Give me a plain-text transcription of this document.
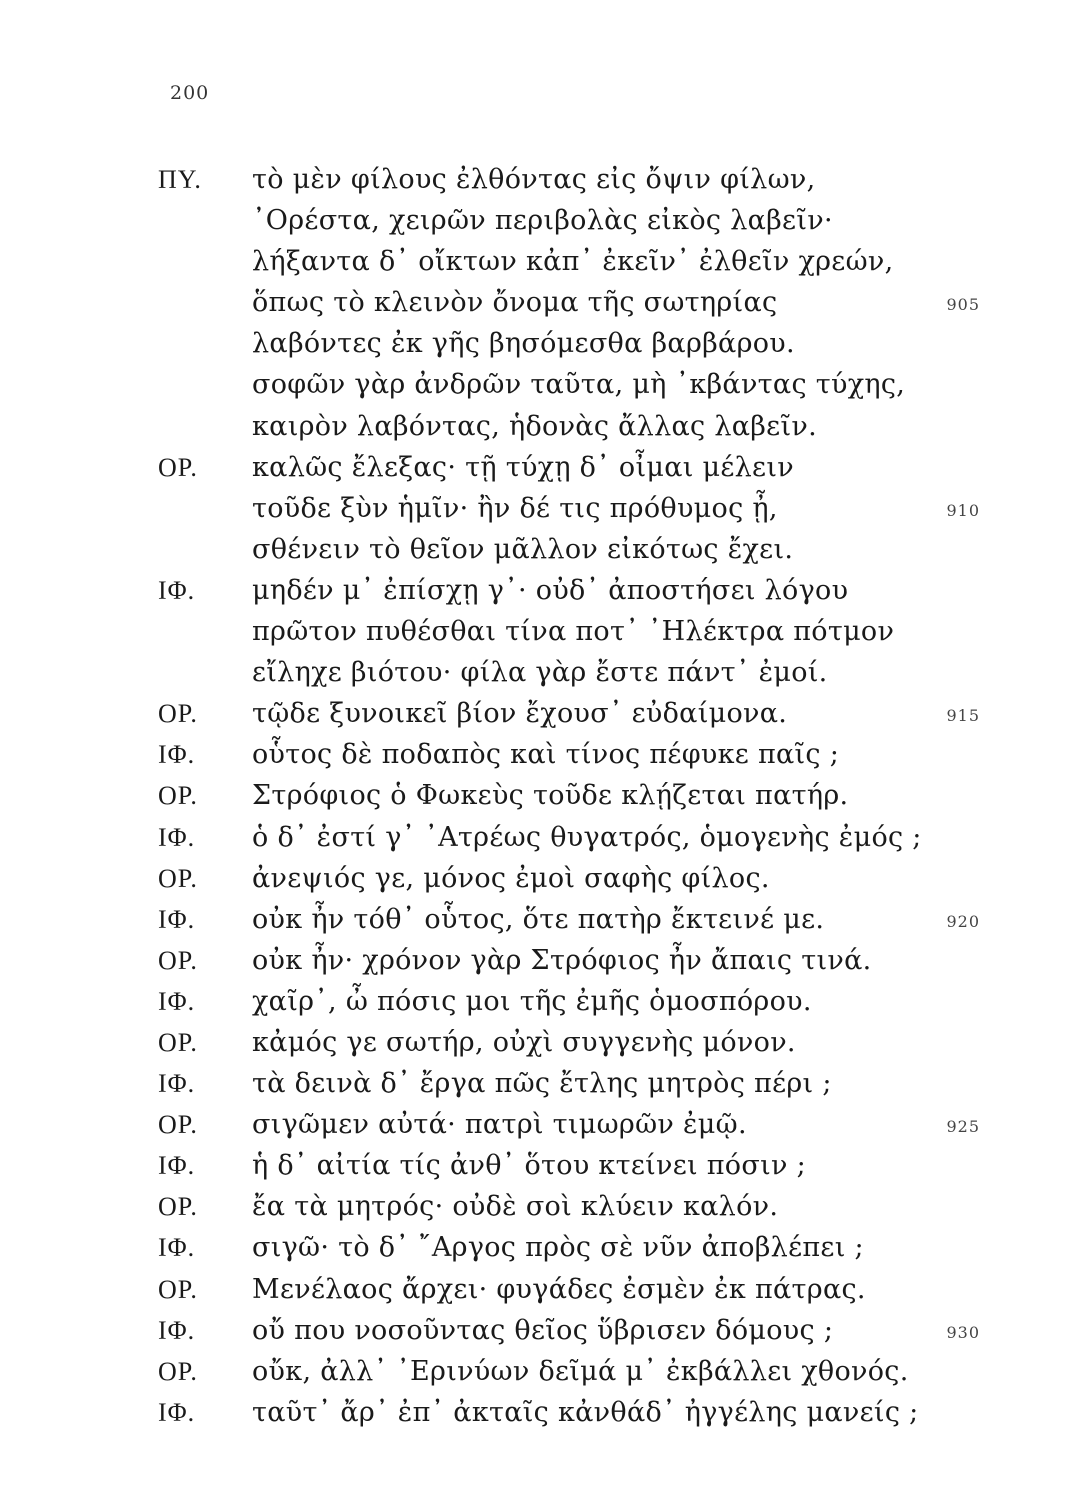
200
ΠΥ. τὸ μὲν φίλους ἐλθόντας εἰς ὄψιν φίλων,
᾿Ορέστα, χειρῶν περιβολὰς εἰκὸς λαβεῖν·
λήξαντα δ᾿ οἴκτων κἀπ᾿ ἐκεῖν᾿ ἐλθεῖν χρεών,
ὅπως τὸ κλεινὸν ὄνομα τῆς σωτηρίας	905
λαβόντες ἐκ γῆς βησόμεσθα βαρβάρου.
σοφῶν γὰρ ἀνδρῶν ταῦτα, μὴ ᾿κβάντας τύχης,
καιρὸν λαβόντας, ἡδονὰς ἄλλας λαβεῖν.
ΟΡ. καλῶς ἔλεξας· τῇ τύχῃ δ᾿ οἶμαι μέλειν
τοῦδε ξὺν ἡμῖν· ἢν δέ τις πρόθυμος ᾖ,	910
σθένειν τὸ θεῖον μᾶλλον εἰκότως ἔχει.
ΙΦ. μηδέν μ᾿ ἐπίσχῃ γ᾿· οὐδ᾿ ἀποστήσει λόγου
πρῶτον πυθέσθαι τίνα ποτ᾿ ᾿Ηλέκτρα πότμον
εἴληχε βιότου· φίλα γὰρ ἔστε πάντ᾿ ἐμοί.
ΟΡ. τῷδε ξυνοικεῖ βίον ἔχουσ᾿ εὐδαίμονα.	915
ΙΦ. οὗτος δὲ ποδαπὸς καὶ τίνος πέφυκε παῖς ;
ΟΡ. Στρόφιος ὁ Φωκεὺς τοῦδε κλῄζεται πατήρ.
ΙΦ. ὁ δ᾿ ἐστί γ᾿ ᾿Ατρέως θυγατρός, ὁμογενὴς ἐμός ;
ΟΡ. ἀνεψιός γε, μόνος ἐμοὶ σαφὴς φίλος.
ΙΦ. οὐκ ἦν τόθ᾿ οὗτος, ὅτε πατὴρ ἔκτεινέ με.	920
ΟΡ. οὐκ ἦν· χρόνον γὰρ Στρόφιος ἦν ἄπαις τινά.
ΙΦ. χαῖρ᾿, ὦ πόσις μοι τῆς ἐμῆς ὁμοσπόρου.
ΟΡ. κἀμός γε σωτήρ, οὐχὶ συγγενὴς μόνον.
ΙΦ. τὰ δεινὰ δ᾿ ἔργα πῶς ἔτλης μητρὸς πέρι ;
ΟΡ. σιγῶμεν αὐτά· πατρὶ τιμωρῶν ἐμῷ.	925
ΙΦ. ἡ δ᾿ αἰτία τίς ἀνθ᾿ ὅτου κτείνει πόσιν ;
ΟΡ. ἔα τὰ μητρός· οὐδὲ σοὶ κλύειν καλόν.
ΙΦ. σιγῶ· τὸ δ᾿ ῎Αργος πρὸς σὲ νῦν ἀποβλέπει ;
ΟΡ. Μενέλαος ἄρχει· φυγάδες ἐσμὲν ἐκ πάτρας.
ΙΦ. οὔ που νοσοῦντας θεῖος ὕβρισεν δόμους ;	930
ΟΡ. οὔκ, ἀλλ᾿ ᾿Ερινύων δεῖμά μ᾿ ἐκβάλλει χθονός.
ΙΦ. ταῦτ᾿ ἄρ᾿ ἐπ᾿ ἀκταῖς κἀνθάδ᾿ ἠγγέλης μανείς ;
